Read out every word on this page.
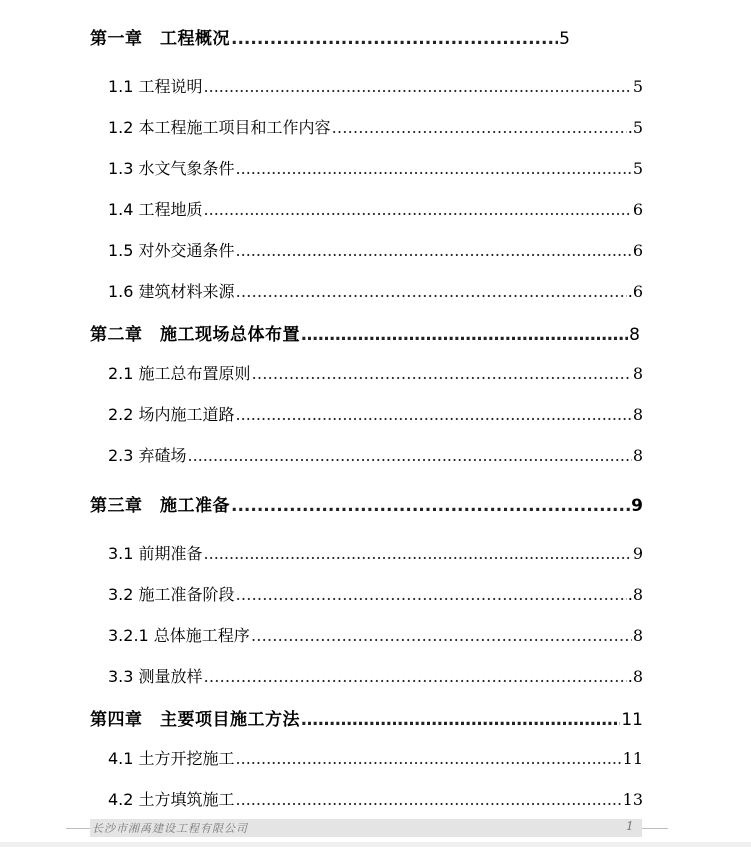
第一章　工程概况 .....	5
1.1 工程说明 .....	5
1.2 本工程施工项目和工作内容 ……………………………………………………………………………………………………………………………………………	.5
1.3 水文气象条件 .....	5
1.4 工程地质 .....	6
1.5 对外交通条件 .....	6
1.6 建筑材料来源 ……………………………………………………………………………………………………………………………………………	.6
第二章　施工现场总体布置 ……………………………………………………………………………………………………………………………………………	8
2.1 施工总布置原则 ……………………………………………………………………………………………………………………………………………	8
2.2 场内施工道路 .....	8
2.3 弃碴场 .....	8
第三章　施工准备 .....	9
3.1 前期准备 .....	9
3.2 施工准备阶段 ……………………………………………………………………………………………………………………………………………	.8
3.2.1 总体施工程序 ……………………………………………………………………………………………………………………………………………	8
3.3 测量放样 ……………………………………………………………………………………………………………………………………………	.8
第四章　主要项目施工方法 ……………………………………………………………………………………………………………………………………………	11
4.1 土方开挖施工 .....	11
4.2 土方填筑施工 .....	13
长沙市湘禹建设工程有限公司	1
